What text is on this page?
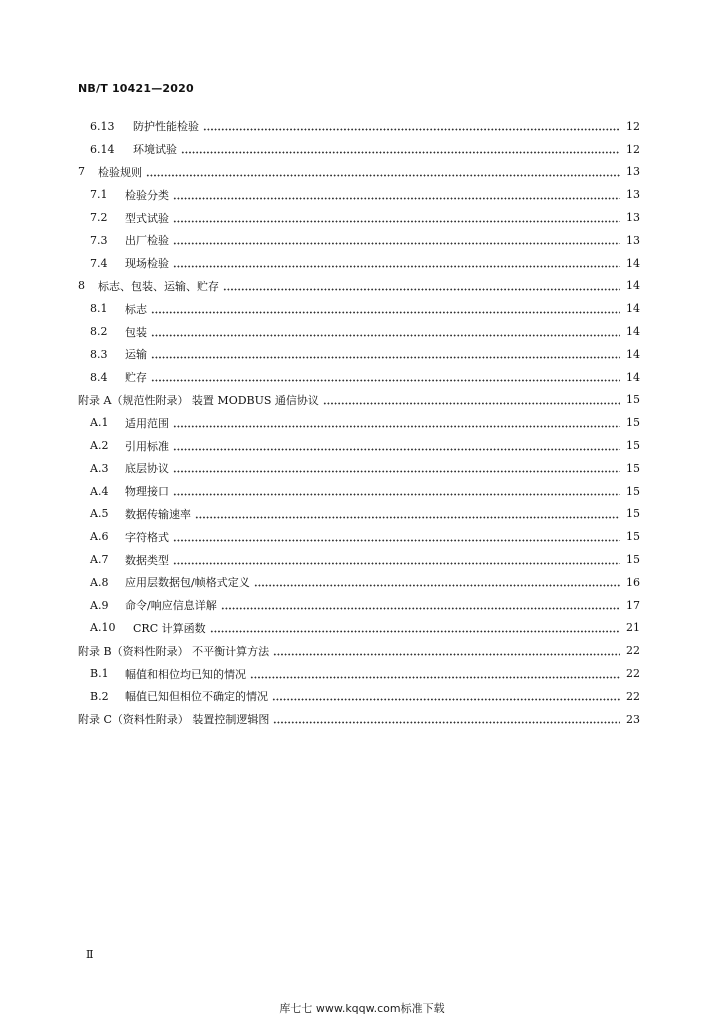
NB/T 10421—2020
6.13	防护性能检验	12
6.14	环境试验	12
7	检验规则	13
7.1	检验分类	13
7.2	型式试验	13
7.3	出厂检验	13
7.4	现场检验	14
8	标志、包装、运输、贮存	14
8.1	标志	14
8.2	包装	14
8.3	运输	14
8.4	贮存	14
附录 A（规范性附录） 装置 MODBUS 通信协议	15
A.1	适用范围	15
A.2	引用标准	15
A.3	底层协议	15
A.4	物理接口	15
A.5	数据传输速率	15
A.6	字符格式	15
A.7	数据类型	15
A.8	应用层数据包/帧格式定义	16
A.9	命令/响应信息详解	17
A.10	CRC 计算函数	21
附录 B（资料性附录） 不平衡计算方法	22
B.1	幅值和相位均已知的情况	22
B.2	幅值已知但相位不确定的情况	22
附录 C（资料性附录） 装置控制逻辑图	23
Ⅱ
库七七 www.kqqw.com标准下载
